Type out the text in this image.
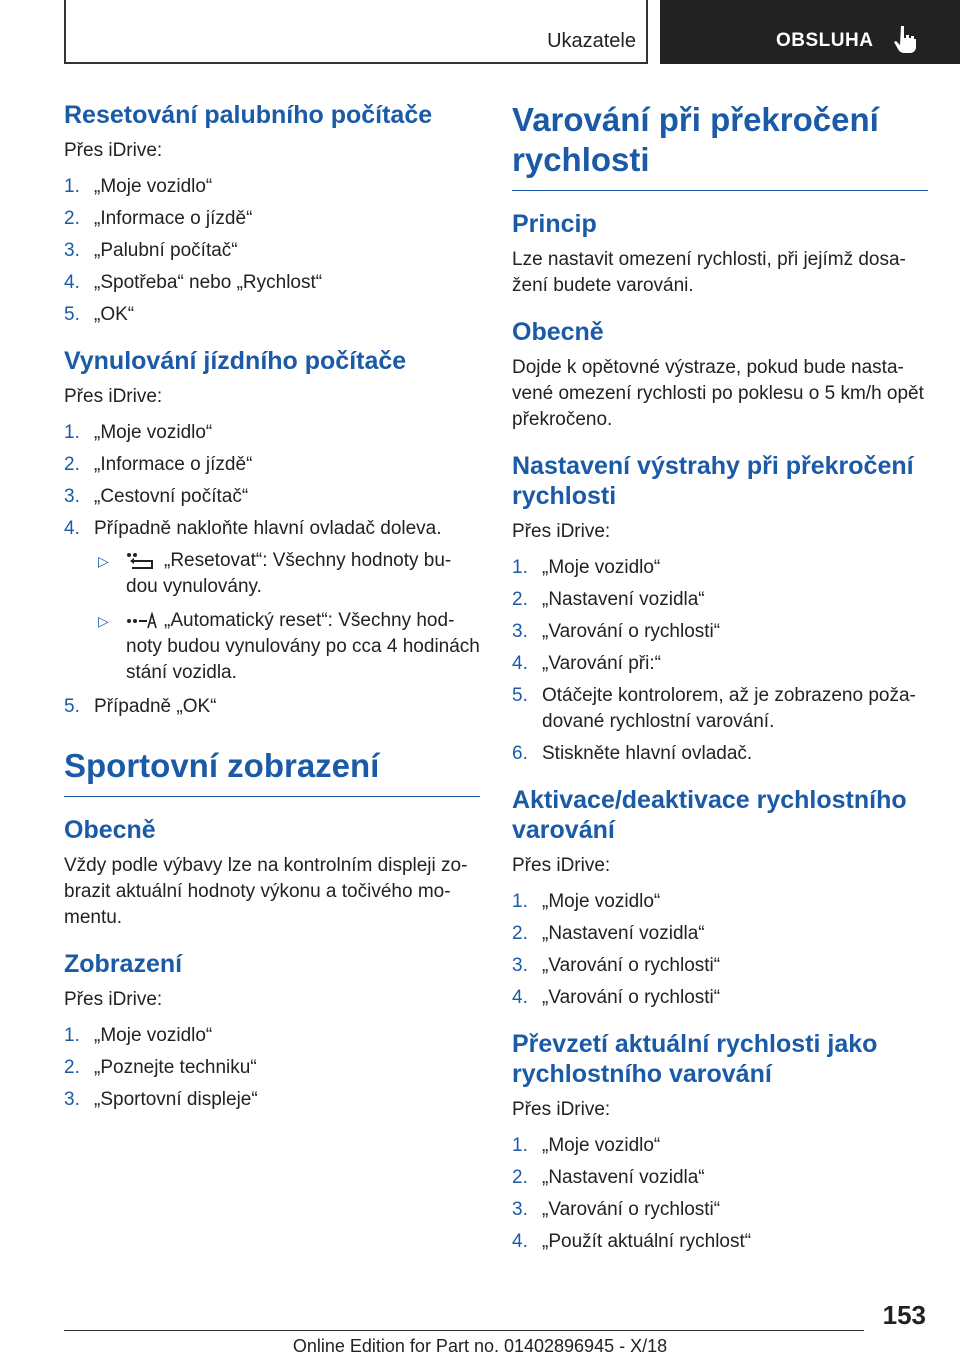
Ukazatele	OBSLUHA
Resetování palubního počítače

Přes iDrive:

1. „Moje vozidlo“
2. „Informace o jízdě“
3. „Palubní počítač“
4. „Spotřeba“ nebo „Rychlost“
5. „OK“
Vynulování jízdního počítače

Přes iDrive:

1. „Moje vozidlo“
2. „Informace o jízdě“
3. „Cestovní počítač“
4. Případně nakloňte hlavní ovladač doleva.
▷	„Resetovat“: Všechny hodnoty bu-dou vynulovány.
▷	„Automatický reset“: Všechny hod-noty budou vynulovány po cca 4 hodinách stání vozidla.
5. Případně „OK“
Sportovní zobrazení
Obecně

Vždy podle výbavy lze na kontrolním displeji zo-brazit aktuální hodnoty výkonu a točivého mo-mentu.

Zobrazení

Přes iDrive:

1. „Moje vozidlo“
2. „Poznejte techniku“
3. „Sportovní displeje“
Varování při překročení rychlosti
Princip

Lze nastavit omezení rychlosti, při jejímž dosa-žení budete varováni.

Obecně

Dojde k opětovné výstraze, pokud bude nasta-vené omezení rychlosti po poklesu o 5 km/h opět překročeno.

Nastavení výstrahy při překročení rychlosti

Přes iDrive:

1. „Moje vozidlo“
2. „Nastavení vozidla“
3. „Varování o rychlosti“
4. „Varování při:“
5. Otáčejte kontrolorem, až je zobrazeno poža-dované rychlostní varování.
6. Stiskněte hlavní ovladač.
Aktivace/deaktivace rychlostního varování

Přes iDrive:

1. „Moje vozidlo“
2. „Nastavení vozidla“
3. „Varování o rychlosti“
4. „Varování o rychlosti“
Převzetí aktuální rychlosti jako rychlostního varování

Přes iDrive:

1. „Moje vozidlo“
2. „Nastavení vozidla“
3. „Varování o rychlosti“
4. „Použít aktuální rychlost“
153
Online Edition for Part no. 01402896945 - X/18
